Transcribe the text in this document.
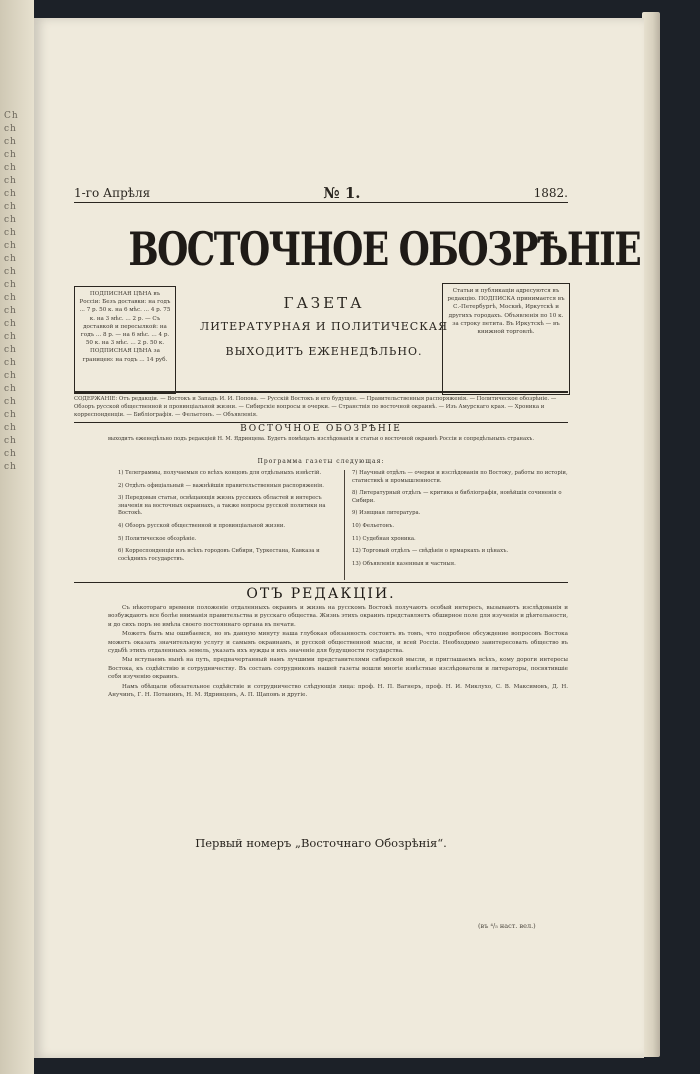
Ch ch ch ch ch ch ch ch ch ch ch ch ch ch ch ch ch ch ch ch ch ch ch ch ch ch ch ch
1-го Апрѣля	№ 1.	1882.
ВОСТОЧНОЕ ОБОЗРѢНІЕ
ПОДПИСНАЯ ЦѢНА въ Россіи: Безъ доставки: на годъ ... 7 р. 50 к. на 6 мѣс. ... 4 р. 75 к. на 3 мѣс. ... 2 р. — Съ доставкой и пересылкой: на годъ ... 8 р. — на 6 мѣс. ... 4 р. 50 к. на 3 мѣс. ... 2 р. 50 к. ПОДПИСНАЯ ЦѢНА за границею: на годъ ... 14 руб.
ГАЗЕТА
ЛИТЕРАТУРНАЯ И ПОЛИТИЧЕСКАЯ
ВЫХОДИТЪ ЕЖЕНЕДѢЛЬНО.
Статьи и публикаціи адресуются въ редакцію. ПОДПИСКА принимается въ С.-Петербургѣ, Москвѣ, Иркутскѣ и другихъ городахъ. Объявленія по 10 к. за строку петита. Въ Иркутскѣ — въ книжной торговлѣ.
СОДЕРЖАНІЕ: Отъ редакціи. — Востокъ и Западъ И. И. Попова. — Русскій Востокъ и его будущее. — Правительственныя распоряженія. — Политическое обозрѣніе. — Обзоръ русской общественной и провинціальной жизни. — Сибирскіе вопросы и очерки. — Странствія по восточной окраинѣ. — Изъ Амурскаго края. — Хроника и корреспонденціи. — Библіографія. — Фельетонъ. — Объявленія.
ВОСТОЧНОЕ ОБОЗРѢНІЕ
выходитъ еженедѣльно подъ редакціей Н. М. Ядринцева. Будетъ помѣщать изслѣдованія и статьи о восточной окраинѣ Россіи и сопредѣльныхъ странахъ.
Программа газеты следующая:

1) Телеграммы, получаемыя со всѣхъ концовъ для отдѣльныхъ извѣстій.

2) Отдѣлъ офиціальный — важнѣйшія правительственныя распоряженія.

3) Передовыя статьи, освѣщающія жизнь русскихъ областей и интересъ значенія на восточных окраинахъ, а также вопросы русской политики на Востокѣ.

4) Обзоръ русской общественной и провинціальной жизни.

5) Политическое обозрѣніе.

6) Корреспонденціи изъ всѣхъ городовъ Сибири, Туркестана, Кавказа и сосѣднихъ государствъ.

7) Научный отдѣлъ — очерки и изслѣдованія по Востоку, работы по исторіи, статистикѣ и промышленности.

8) Литературный отдѣлъ — критика и библіографія, новѣйшія сочиненія о Сибири.

9) Изящная литература.

10) Фельетонъ.

11) Судебная хроника.

12) Торговый отдѣлъ — свѣдѣнія о ярмаркахъ и цѣнахъ.

13) Объявленія казенныя и частныя.

ОТЪ РЕДАКЦІИ.

Съ нѣкотораго времени положеніе отдаленныхъ окраинъ и жизнь на русскомъ Востокѣ получаютъ особый интересъ, вызываютъ изслѣдованія и возбуждаютъ все болѣе вниманія правительства и русскаго общества. Жизнь этихъ окраинъ представляетъ обширное поле для изученія и дѣятельности, и до сихъ поръ не имѣла своего постояннаго органа въ печати.

Можетъ быть мы ошибаемся, но въ данную минуту наша глубокая обязанность состоитъ въ томъ, что подробное обсуждение вопросовъ Востока можетъ оказать значительную услугу и самымъ окраинамъ, и русской общественной мысли, и всей Россіи. Необходимо заинтересовать общество въ судьбѣ этихъ отдаленныхъ земель, указать ихъ нужды и ихъ значеніе для будущности государства.

Мы вступаемъ нынѣ на путь, предначертанный намъ лучшими представителями сибирской мысли, и приглашаемъ всѣхъ, кому дороги интересы Востока, къ содѣйствію и сотрудничеству. Въ составъ сотрудниковъ нашей газеты вошли многіе извѣстные изслѣдователи и литераторы, посвятившіе себя изученію окраинъ.

Намъ обѣщали обязательное содѣйствіе и сотрудничество слѣдующія лица: проф. Н. П. Вагнеръ, проф. Н. И. Миклухо, С. В. Максимовъ, Д. Н. Анучинъ, Г. Н. Потанинъ, Н. М. Ядринцевъ, А. П. Щаповъ и другіе.

Первый номеръ „Восточнаго Обозрѣнія“.
(въ ⁴/₅ наст. вел.)
